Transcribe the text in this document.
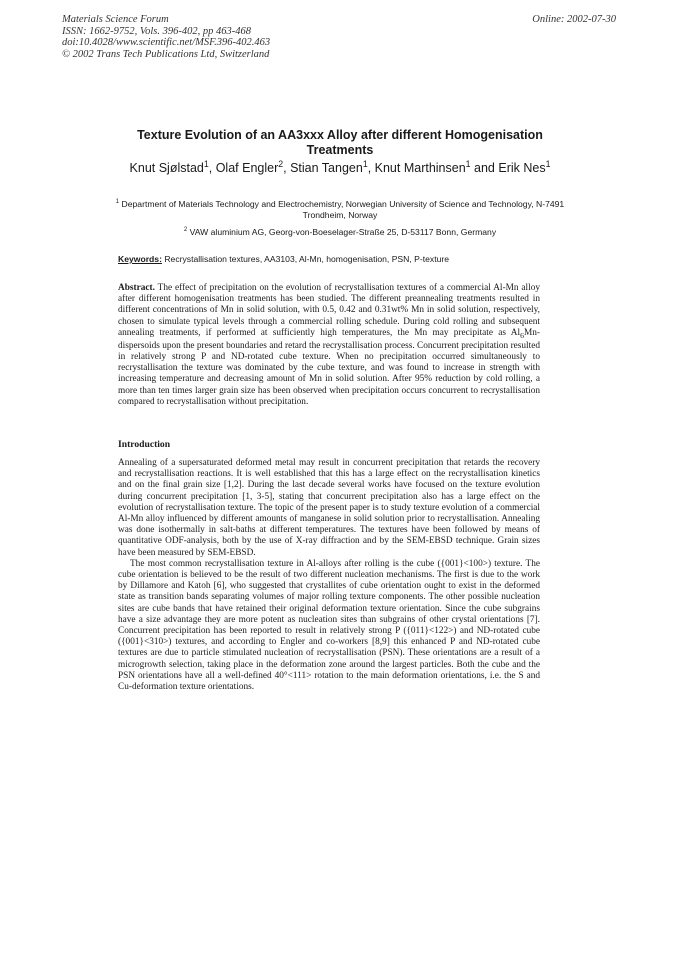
Materials Science Forum
ISSN: 1662-9752, Vols. 396-402, pp 463-468
doi:10.4028/www.scientific.net/MSF.396-402.463
© 2002 Trans Tech Publications Ltd, Switzerland
Online: 2002-07-30
Texture Evolution of an AA3xxx Alloy after different Homogenisation Treatments
Knut Sjølstad$^1$, Olaf Engler$^2$, Stian Tangen$^1$, Knut Marthinsen$^1$ and Erik Nes$^1$
$^1$ Department of Materials Technology and Electrochemistry, Norwegian University of Science and Technology, N-7491 Trondheim, Norway
$^2$ VAW aluminium AG, Georg-von-Boeselager-Straße 25, D-53117 Bonn, Germany
Keywords: Recrystallisation textures, AA3103, Al-Mn, homogenisation, PSN, P-texture

Abstract. The effect of precipitation on the evolution of recrystallisation textures of a commercial Al-Mn alloy after different homogenisation treatments has been studied. The different preannealing treatments resulted in different concentrations of Mn in solid solution, with 0.5, 0.42 and 0.31wt% Mn in solid solution, respectively, chosen to simulate typical levels through a commercial rolling schedule. During cold rolling and subsequent annealing treatments, if performed at sufficiently high temperatures, the Mn may precipitate as $Al_6Mn$-dispersoids upon the present boundaries and retard the recrystallisation process. Concurrent precipitation resulted in relatively strong P and ND-rotated cube texture. When no precipitation occurred simultaneously to recrystallisation the texture was dominated by the cube texture, and was found to increase in strength with increasing temperature and decreasing amount of Mn in solid solution. After 95% reduction by cold rolling, a more than ten times larger grain size has been observed when precipitation occurs concurrent to recrystallisation compared to recrystallisation without precipitation.

Introduction

Annealing of a supersaturated deformed metal may result in concurrent precipitation that retards the recovery and recrystallisation reactions. It is well established that this has a large effect on the recrystallisation kinetics and on the final grain size [1,2]. During the last decade several works have focused on the texture evolution during concurrent precipitation [1, 3-5], stating that concurrent precipitation also has a large effect on the evolution of recrystallisation texture. The topic of the present paper is to study texture evolution of a commercial Al-Mn alloy influenced by different amounts of manganese in solid solution prior to recrystallisation. Annealing was done isothermally in salt-baths at different temperatures. The textures have been followed by means of quantitative ODF-analysis, both by the use of X-ray diffraction and by the SEM-EBSD technique. Grain sizes have been measured by SEM-EBSD.

The most common recrystallisation texture in Al-alloys after rolling is the cube ({001}<100>) texture. The cube orientation is believed to be the result of two different nucleation mechanisms. The first is due to the work by Dillamore and Katoh [6], who suggested that crystallites of cube orientation ought to exist in the deformed state as transition bands separating volumes of major rolling texture components. The other possible nucleation sites are cube bands that have retained their original deformation texture orientation. Since the cube subgrains have a size advantage they are more potent as nucleation sites than subgrains of other crystal orientations [7]. Concurrent precipitation has been reported to result in relatively strong P ({011}<122>) and ND-rotated cube ({001}<310>) textures, and according to Engler and co-workers [8,9] this enhanced P and ND-rotated cube textures are due to particle stimulated nucleation of recrystallisation (PSN). These orientations are a result of a microgrowth selection, taking place in the deformation zone around the largest particles. Both the cube and the PSN orientations have all a well-defined 40°<111> rotation to the main deformation orientations, i.e. the S and Cu-deformation texture orientations.
